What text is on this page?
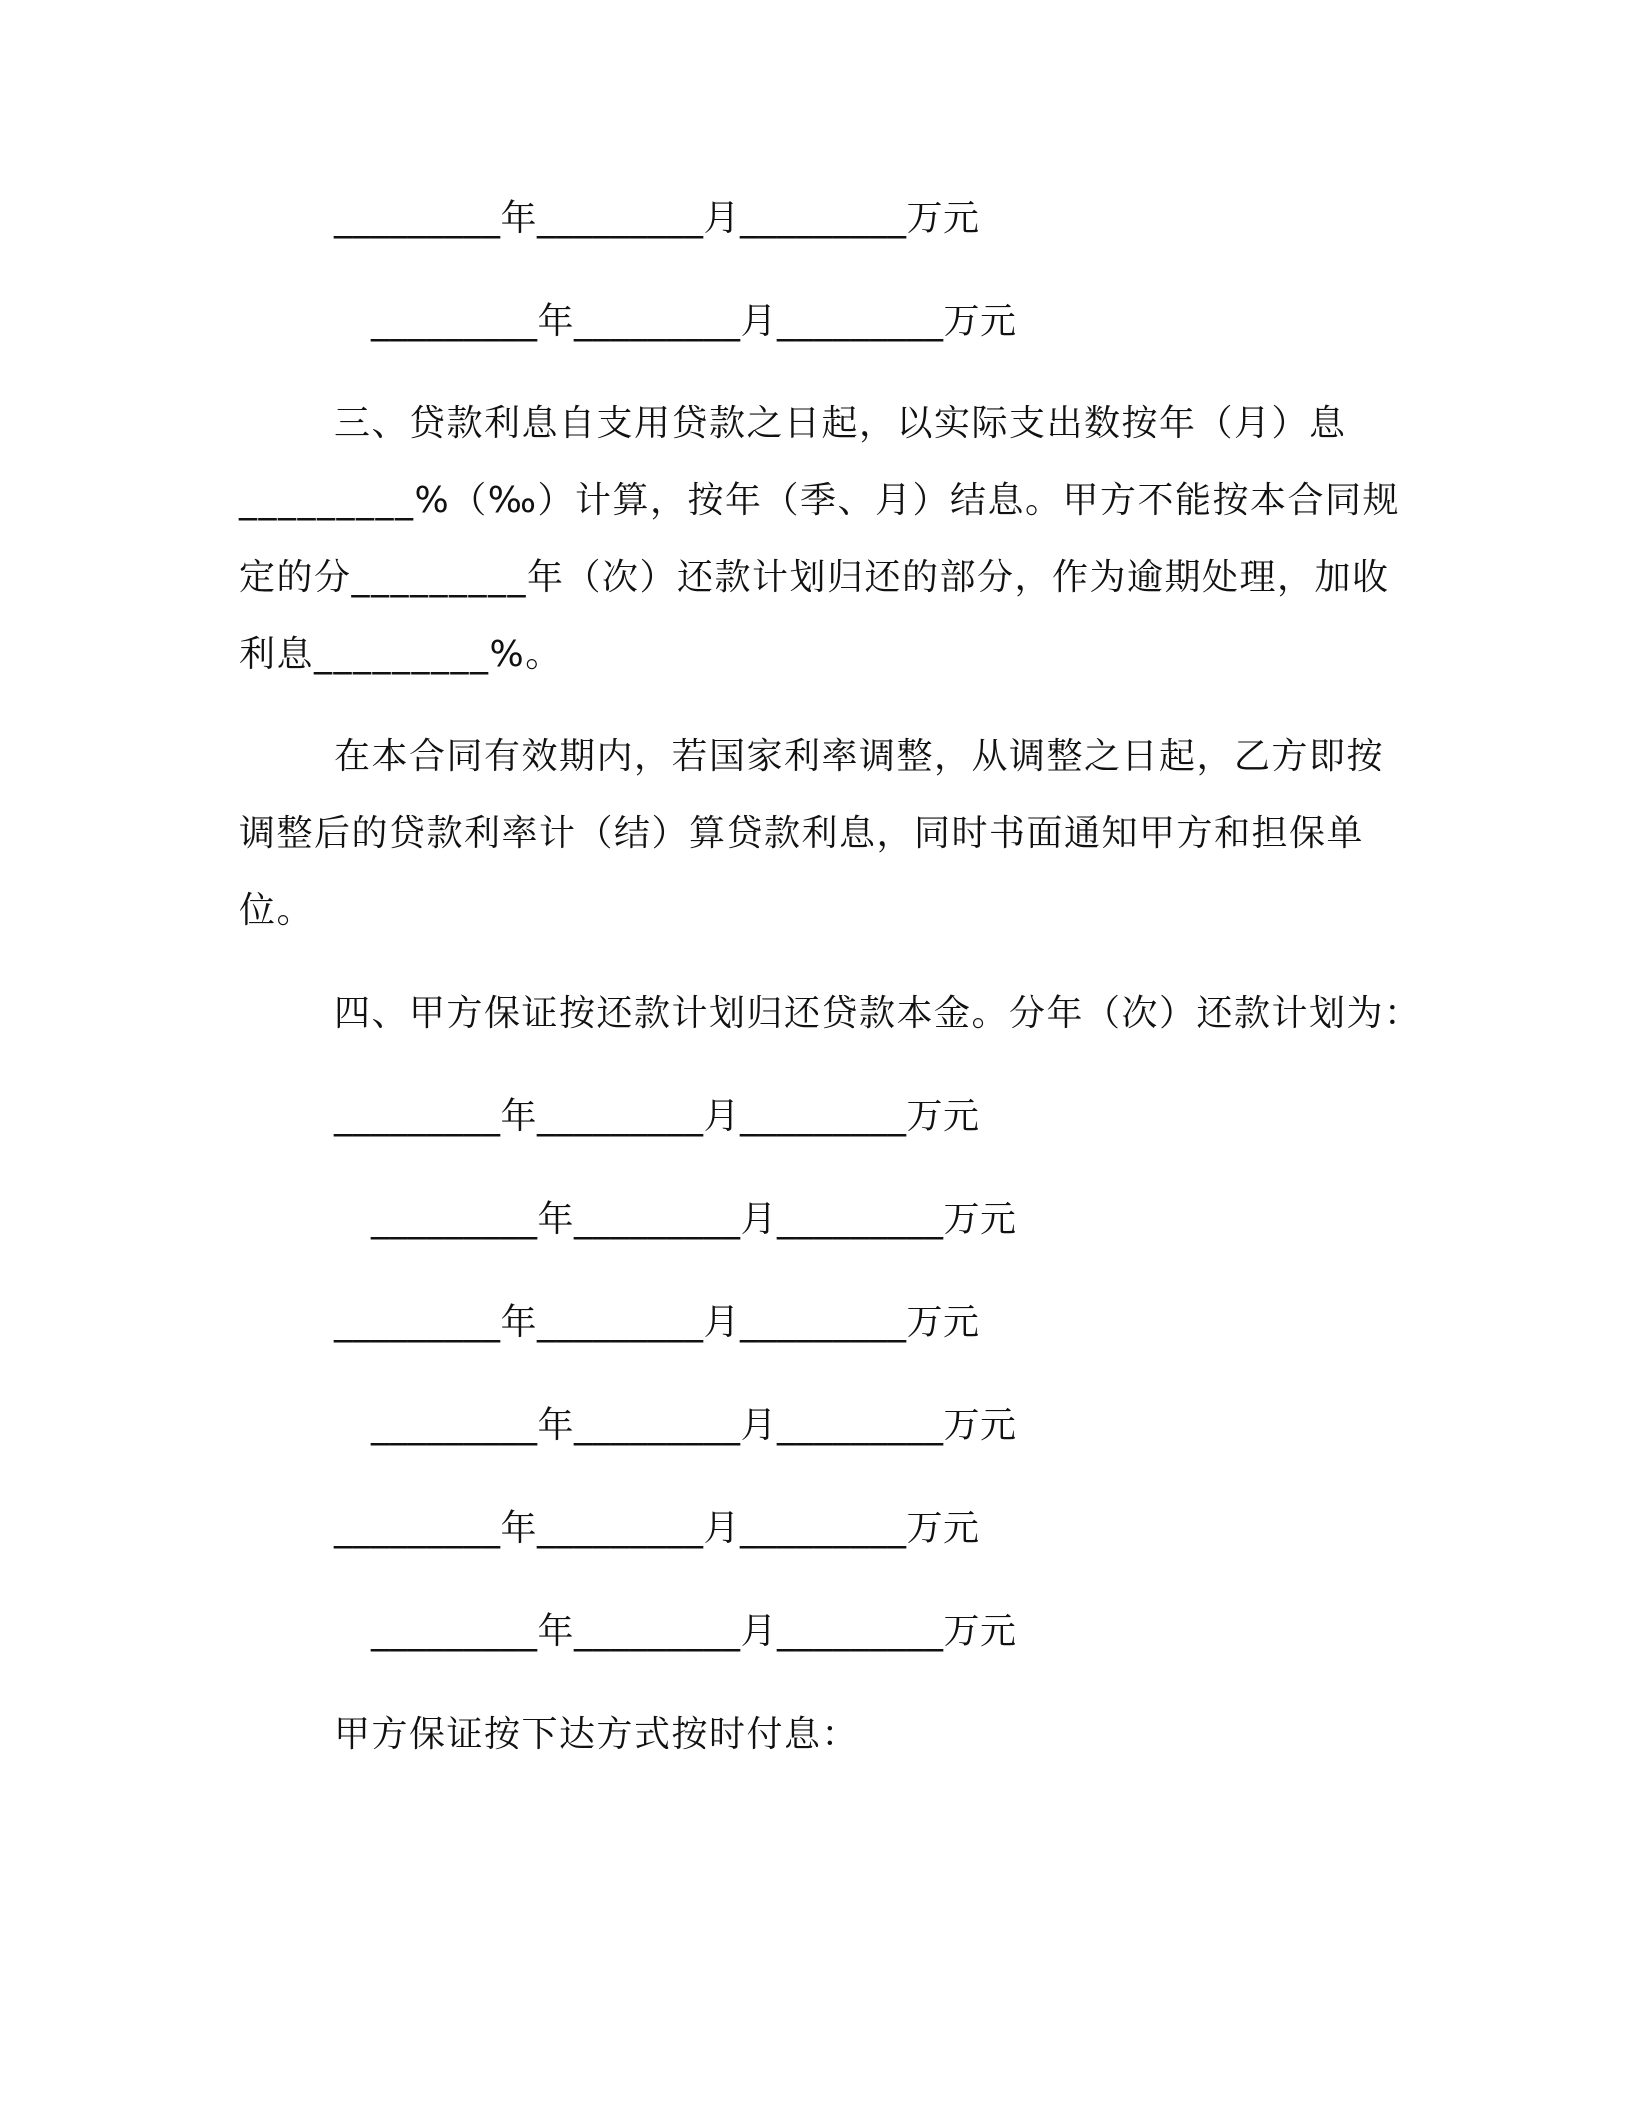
_________年_________月_________万元
_________年_________月_________万元
三、贷款利息自支用贷款之日起，以实际支出数按年（月）息
_________%（‰）计算，按年（季、月）结息。甲方不能按本合同规
定的分_________年（次）还款计划归还的部分，作为逾期处理，加收
利息_________%。
在本合同有效期内，若国家利率调整，从调整之日起，乙方即按
调整后的贷款利率计（结）算贷款利息，同时书面通知甲方和担保单
位。
四、甲方保证按还款计划归还贷款本金。分年（次）还款计划为：
_________年_________月_________万元
_________年_________月_________万元
_________年_________月_________万元
_________年_________月_________万元
_________年_________月_________万元
_________年_________月_________万元
甲方保证按下达方式按时付息：
